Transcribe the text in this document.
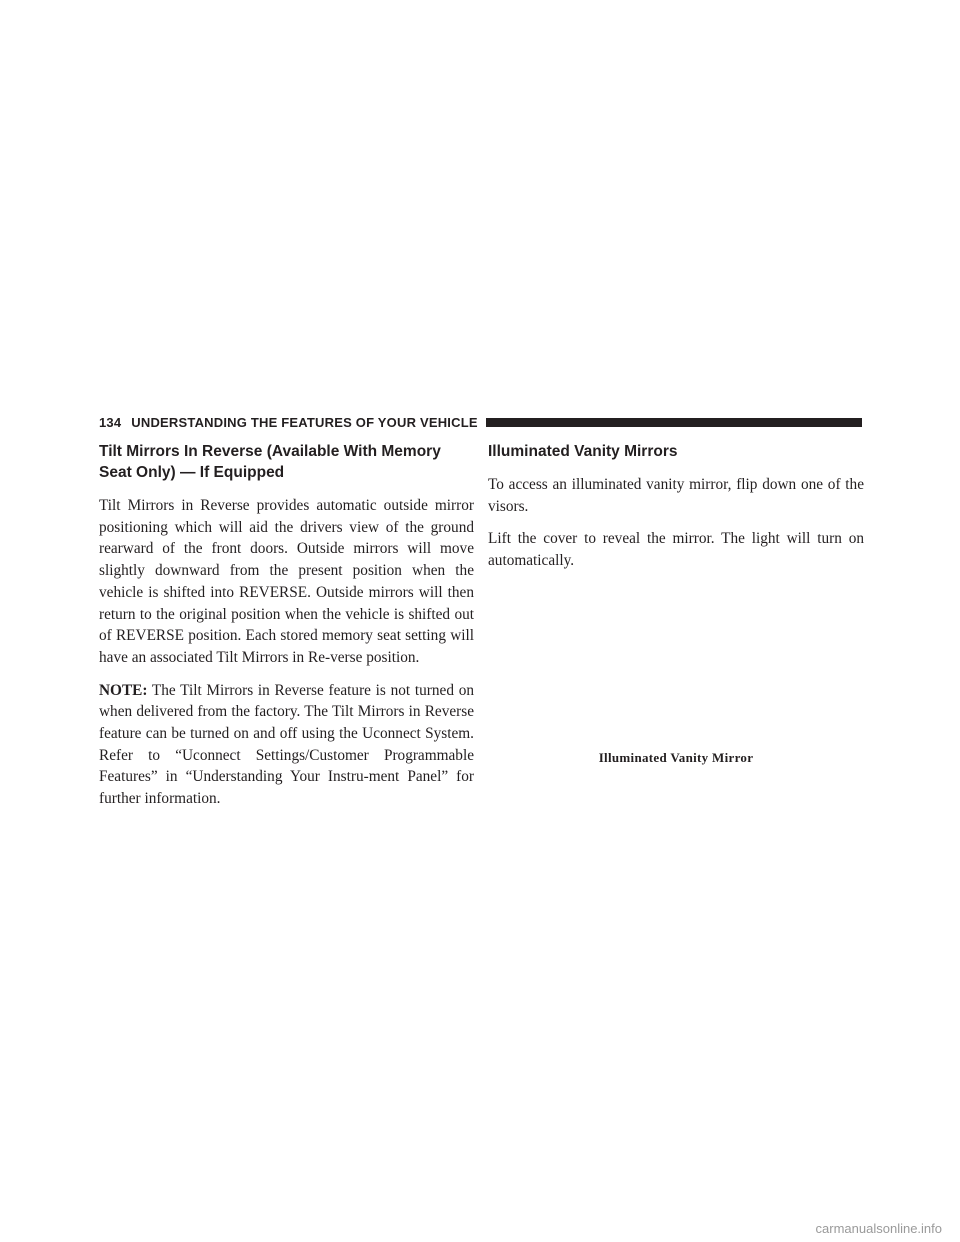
134 UNDERSTANDING THE FEATURES OF YOUR VEHICLE
Tilt Mirrors In Reverse (Available With Memory Seat Only) — If Equipped

Tilt Mirrors in Reverse provides automatic outside mirror positioning which will aid the drivers view of the ground rearward of the front doors. Outside mirrors will move slightly downward from the present position when the vehicle is shifted into REVERSE. Outside mirrors will then return to the original position when the vehicle is shifted out of REVERSE position. Each stored memory seat setting will have an associated Tilt Mirrors in Re-verse position.

NOTE: The Tilt Mirrors in Reverse feature is not turned on when delivered from the factory. The Tilt Mirrors in Reverse feature can be turned on and off using the Uconnect System. Refer to “Uconnect Settings/Customer Programmable Features” in “Understanding Your Instru-ment Panel” for further information.

Illuminated Vanity Mirrors

To access an illuminated vanity mirror, flip down one of the visors.

Lift the cover to reveal the mirror. The light will turn on automatically.

Illuminated Vanity Mirror
carmanualsonline.info
